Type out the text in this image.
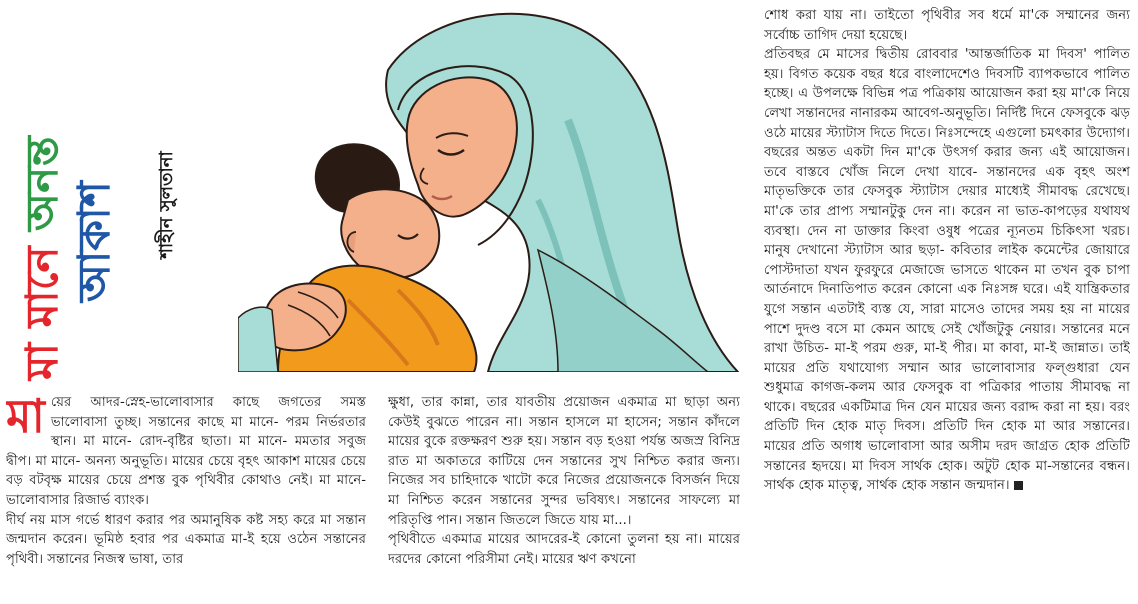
মা মানে অনন্ত আকাশ	শাহীন সুলতানা
মা য়ের আদর-স্নেহ-ভালোবাসার কাছে জগতের সমস্ত ভালোবাসা তুচ্ছ। সন্তানের কাছে মা মানে- পরম নির্ভরতার স্থান। মা মানে- রোদ-বৃষ্টির ছাতা। মা মানে- মমতার সবুজ দ্বীপ। মা মানে- অনন্য অনুভূতি। মায়ের চেয়ে বৃহৎ আকাশ মায়ের চেয়ে বড় বটবৃক্ষ মায়ের চেয়ে প্রশস্ত বুক পৃথিবীর কোথাও নেই। মা মানে- ভালোবাসার রিজার্ভ ব্যাংক।

দীর্ঘ নয় মাস গর্ভে ধারণ করার পর অমানুষিক কষ্ট সহ্য করে মা সন্তান জন্মদান করেন। ভূমিষ্ঠ হবার পর একমাত্র মা-ই হয়ে ওঠেন সন্তানের পৃথিবী। সন্তানের নিজস্ব ভাষা, তার

ক্ষুধা, তার কান্না, তার যাবতীয় প্রয়োজন একমাত্র মা ছাড়া অন্য কেউই বুঝতে পারেন না। সন্তান হাসলে মা হাসেন; সন্তান কাঁদলে মায়ের বুকে রক্তক্ষরণ শুরু হয়। সন্তান বড় হওয়া পর্যন্ত অজস্র বিনিদ্র রাত মা অকাতরে কাটিয়ে দেন সন্তানের সুখ নিশ্চিত করার জন্য। নিজের সব চাহিদাকে খাটো করে নিজের প্রয়োজনকে বিসর্জন দিয়ে মা নিশ্চিত করেন সন্তানের সুন্দর ভবিষ্যৎ। সন্তানের সাফল্যে মা পরিতৃপ্তি পান। সন্তান জিতলে জিতে যায় মা...।

পৃথিবীতে একমাত্র মায়ের আদরের-ই কোনো তুলনা হয় না। মায়ের দরদের কোনো পরিসীমা নেই। মায়ের ঋণ কখনো

শোধ করা যায় না। তাইতো পৃথিবীর সব ধর্মে মা'কে সম্মানের জন্য সর্বোচ্চ তাগিদ দেয়া হয়েছে।

প্রতিবছর মে মাসের দ্বিতীয় রোববার 'আন্তর্জাতিক মা দিবস' পালিত হয়। বিগত কয়েক বছর ধরে বাংলাদেশেও দিবসটি ব্যাপকভাবে পালিত হচ্ছে। এ উপলক্ষে বিভিন্ন পত্র পত্রিকায় আয়োজন করা হয় মা'কে নিয়ে লেখা সন্তানদের নানারকম আবেগ-অনুভূতি। নির্দিষ্ট দিনে ফেসবুকে ঝড় ওঠে মায়ের স্ট্যাটাস দিতে দিতে। নিঃসন্দেহে এগুলো চমৎকার উদ্যোগ। বছরের অন্তত একটা দিন মা'কে উৎসর্গ করার জন্য এই আয়োজন। তবে বাস্তবে খোঁজ নিলে দেখা যাবে- সন্তানদের এক বৃহৎ অংশ মাতৃভক্তিকে তার ফেসবুক স্ট্যাটাস দেয়ার মাধ্যেই সীমাবদ্ধ রেখেছে। মা'কে তার প্রাপ্য সম্মানটুকু দেন না। করেন না ভাত-কাপড়ের যথাযথ ব্যবস্থা। দেন না ডাক্তার কিংবা ওষুধ পত্রের ন্যূনতম চিকিৎসা খরচ। মানুষ দেখানো স্ট্যাটাস আর ছড়া- কবিতার লাইক কমেন্টের জোয়ারে পোস্টদাতা যখন ফুরফুরে মেজাজে ভাসতে থাকেন মা তখন বুক চাপা আর্তনাদে দিনাতিপাত করেন কোনো এক নিঃসঙ্গ ঘরে। এই যান্ত্রিকতার যুগে সন্তান এতটাই ব্যস্ত যে, সারা মাসেও তাদের সময় হয় না মায়ের পাশে দুদণ্ড বসে মা কেমন আছে সেই খোঁজটুকু নেয়ার। সন্তানের মনে রাখা উচিত- মা-ই পরম গুরু, মা-ই পীর। মা কাবা, মা-ই জান্নাত। তাই মায়ের প্রতি যথাযোগ্য সম্মান আর ভালোবাসার ফল্গুধারা যেন শুধুমাত্র কাগজ-কলম আর ফেসবুক বা পত্রিকার পাতায় সীমাবদ্ধ না থাকে। বছরের একটিমাত্র দিন যেন মায়ের জন্য বরাদ্দ করা না হয়। বরং প্রতিটি দিন হোক মাতৃ দিবস। প্রতিটি দিন হোক মা আর সন্তানের। মায়ের প্রতি অগাধ ভালোবাসা আর অসীম দরদ জাগ্রত হোক প্রতিটি সন্তানের হৃদয়ে। মা দিবস সার্থক হোক। অটুট হোক মা-সন্তানের বন্ধন। সার্থক হোক মাতৃত্ব, সার্থক হোক সন্তান জন্মদান।
